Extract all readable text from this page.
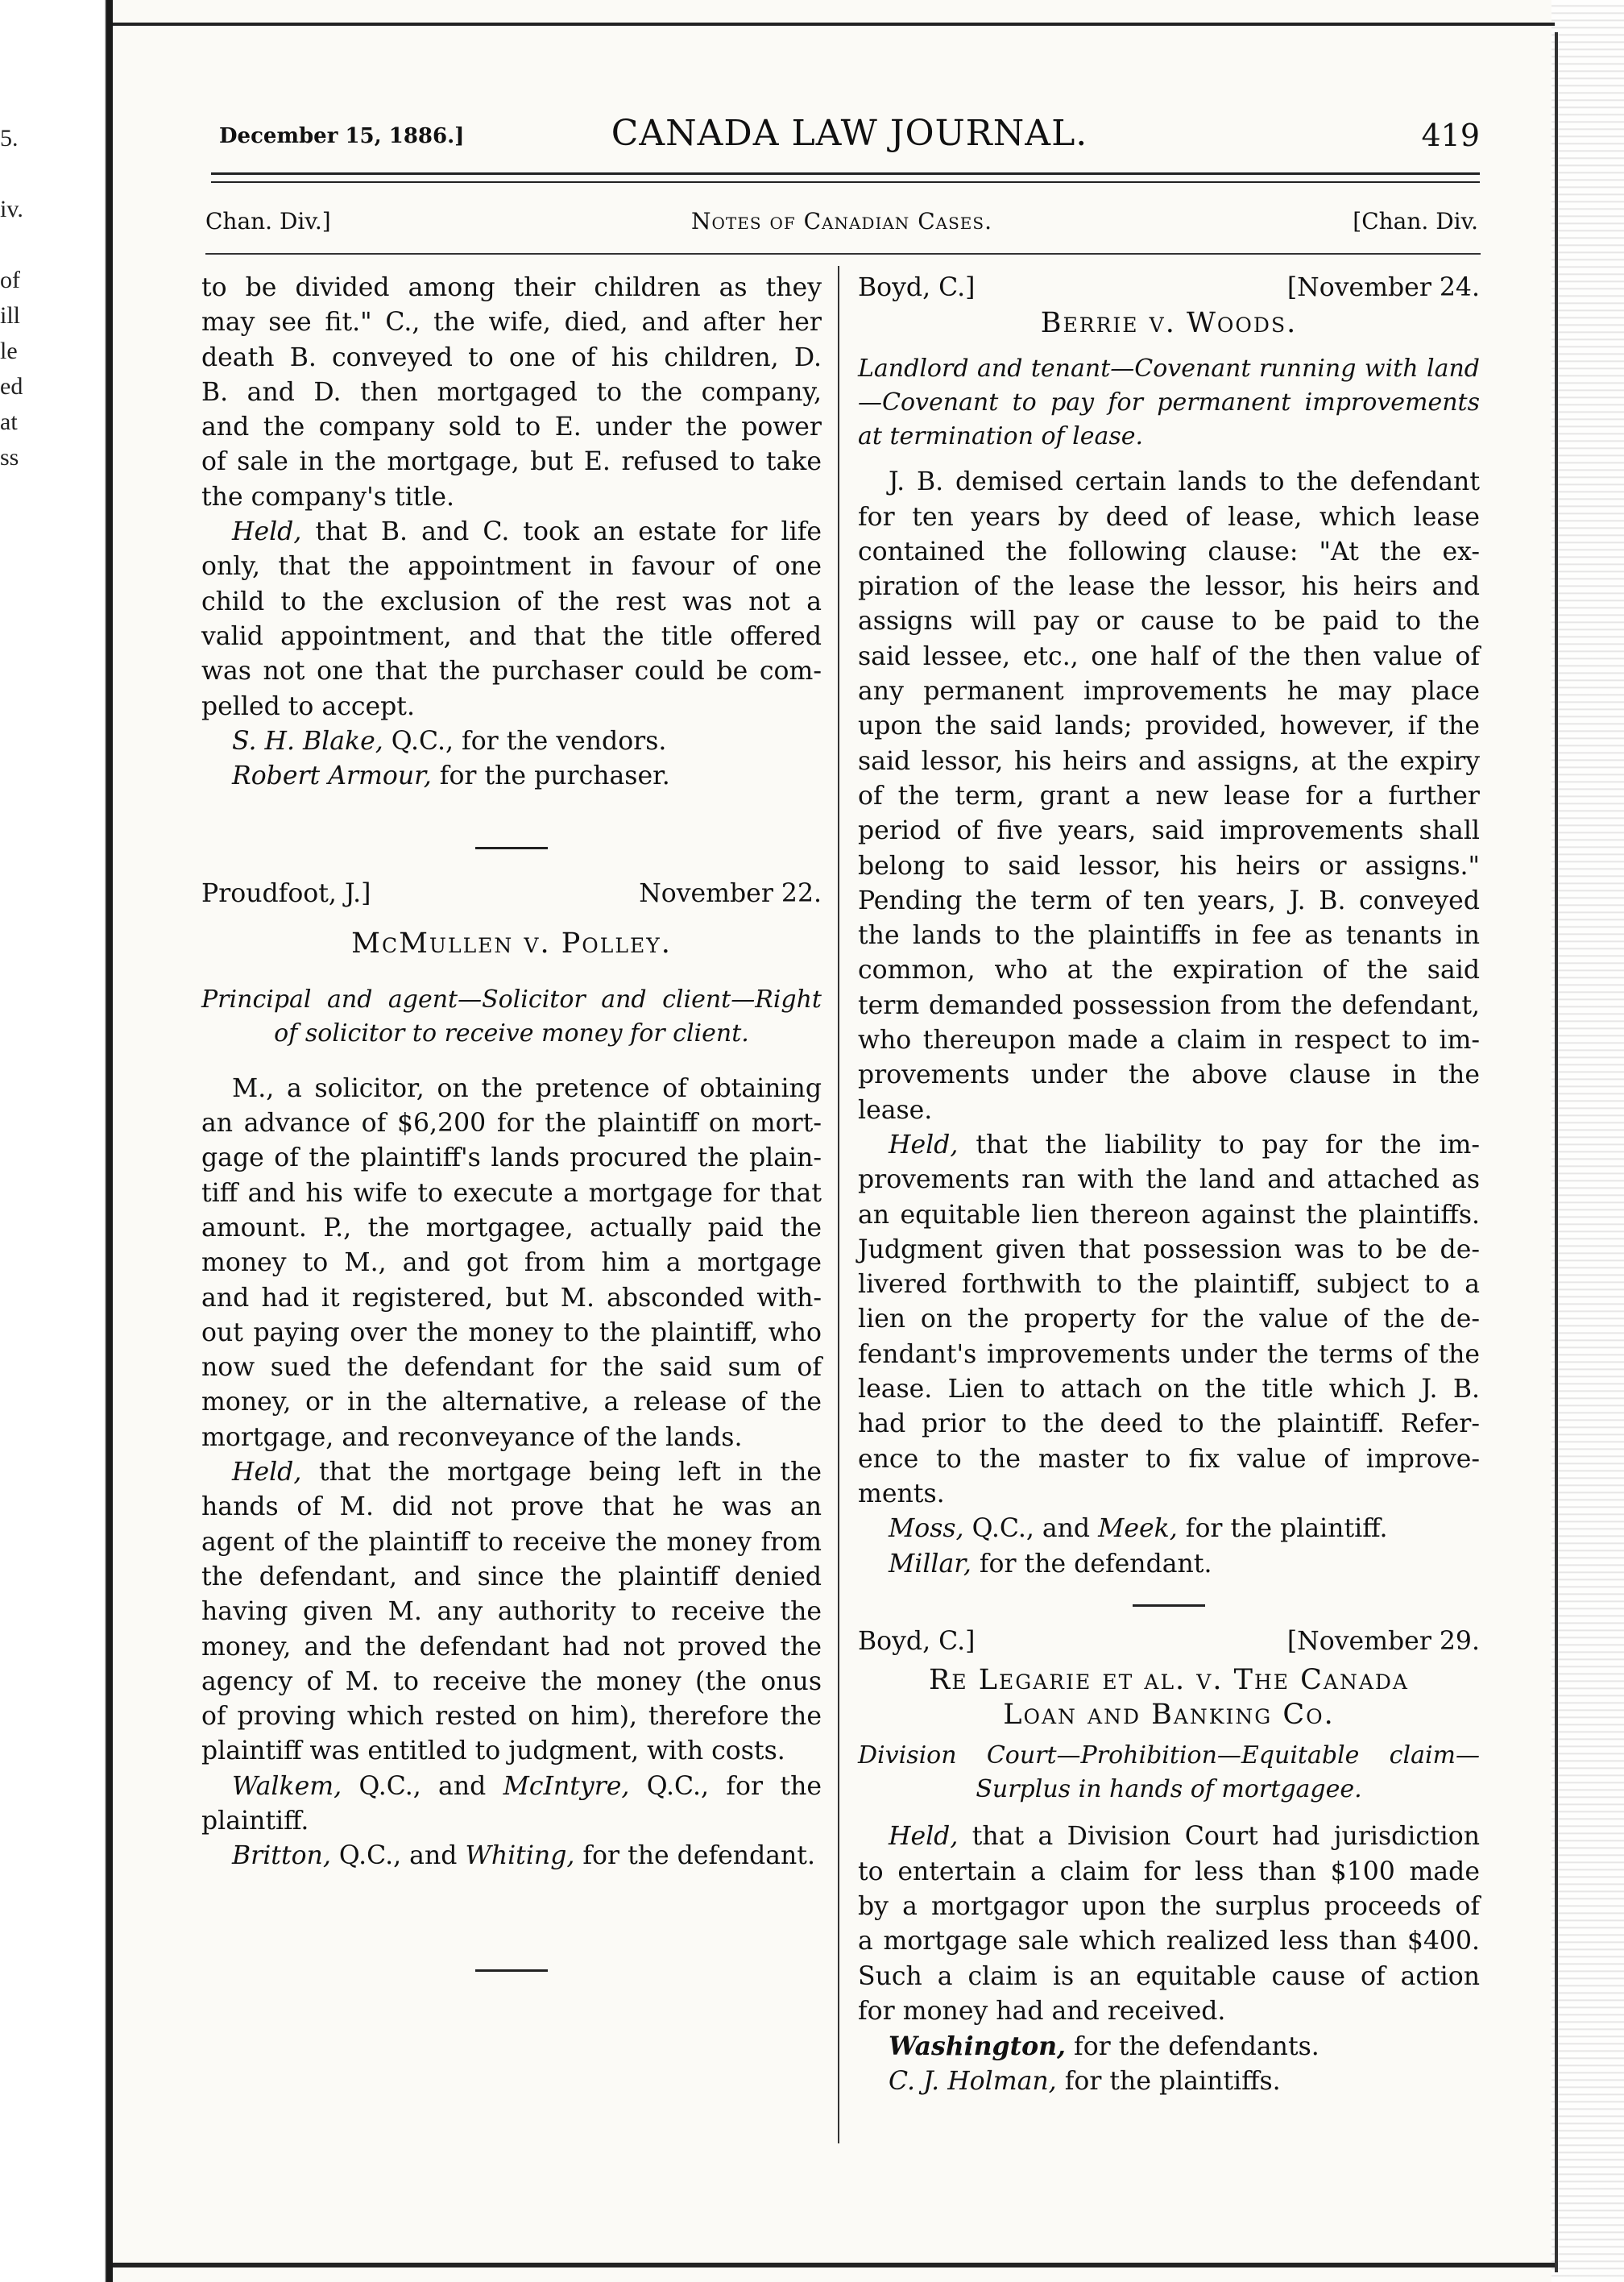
5.
iv.
of
ill
le
ed
at
ss
December 15, 1886.]	CANADA LAW JOURNAL.	419
Chan. Div.]	Notes of Canadian Cases.	[Chan. Div.
to be divided among their children as they
may see fit." C., the wife, died, and after her
death B. conveyed to one of his children, D.
B. and D. then mortgaged to the company,
and the company sold to E. under the power
of sale in the mortgage, but E. refused to take
the company's title.
Held, that B. and C. took an estate for life
only, that the appointment in favour of one
child to the exclusion of the rest was not a
valid appointment, and that the title offered
was not one that the purchaser could be com-
pelled to accept.
S. H. Blake, Q.C., for the vendors.
Robert Armour, for the purchaser.
Proudfoot, J.]	November 22.
McMullen v. Polley.
Principal and agent—Solicitor and client—Right
of solicitor to receive money for client.
M., a solicitor, on the pretence of obtaining
an advance of $6,200 for the plaintiff on mort-
gage of the plaintiff's lands procured the plain-
tiff and his wife to execute a mortgage for that
amount. P., the mortgagee, actually paid the
money to M., and got from him a mortgage
and had it registered, but M. absconded with-
out paying over the money to the plaintiff, who
now sued the defendant for the said sum of
money, or in the alternative, a release of the
mortgage, and reconveyance of the lands.
Held, that the mortgage being left in the
hands of M. did not prove that he was an
agent of the plaintiff to receive the money from
the defendant, and since the plaintiff denied
having given M. any authority to receive the
money, and the defendant had not proved the
agency of M. to receive the money (the onus
of proving which rested on him), therefore the
plaintiff was entitled to judgment, with costs.
Walkem, Q.C., and McIntyre, Q.C., for the
plaintiff.
Britton, Q.C., and Whiting, for the defendant.
Boyd, C.]	[November 24.
Berrie v. Woods.
Landlord and tenant—Covenant running with land
—Covenant to pay for permanent improvements
at termination of lease.
J. B. demised certain lands to the defendant
for ten years by deed of lease, which lease
contained the following clause: "At the ex-
piration of the lease the lessor, his heirs and
assigns will pay or cause to be paid to the
said lessee, etc., one half of the then value of
any permanent improvements he may place
upon the said lands; provided, however, if the
said lessor, his heirs and assigns, at the expiry
of the term, grant a new lease for a further
period of five years, said improvements shall
belong to said lessor, his heirs or assigns."
Pending the term of ten years, J. B. conveyed
the lands to the plaintiffs in fee as tenants in
common, who at the expiration of the said
term demanded possession from the defendant,
who thereupon made a claim in respect to im-
provements under the above clause in the
lease.
Held, that the liability to pay for the im-
provements ran with the land and attached as
an equitable lien thereon against the plaintiffs.
Judgment given that possession was to be de-
livered forthwith to the plaintiff, subject to a
lien on the property for the value of the de-
fendant's improvements under the terms of the
lease. Lien to attach on the title which J. B.
had prior to the deed to the plaintiff. Refer-
ence to the master to fix value of improve-
ments.
Moss, Q.C., and Meek, for the plaintiff.
Millar, for the defendant.
Boyd, C.]	[November 29.
Re Legarie et al. v. The Canada
Loan and Banking Co.
Division Court—Prohibition—Equitable claim—
Surplus in hands of mortgagee.
Held, that a Division Court had jurisdiction
to entertain a claim for less than $100 made
by a mortgagor upon the surplus proceeds of
a mortgage sale which realized less than $400.
Such a claim is an equitable cause of action
for money had and received.
Washington, for the defendants.
C. J. Holman, for the plaintiffs.
